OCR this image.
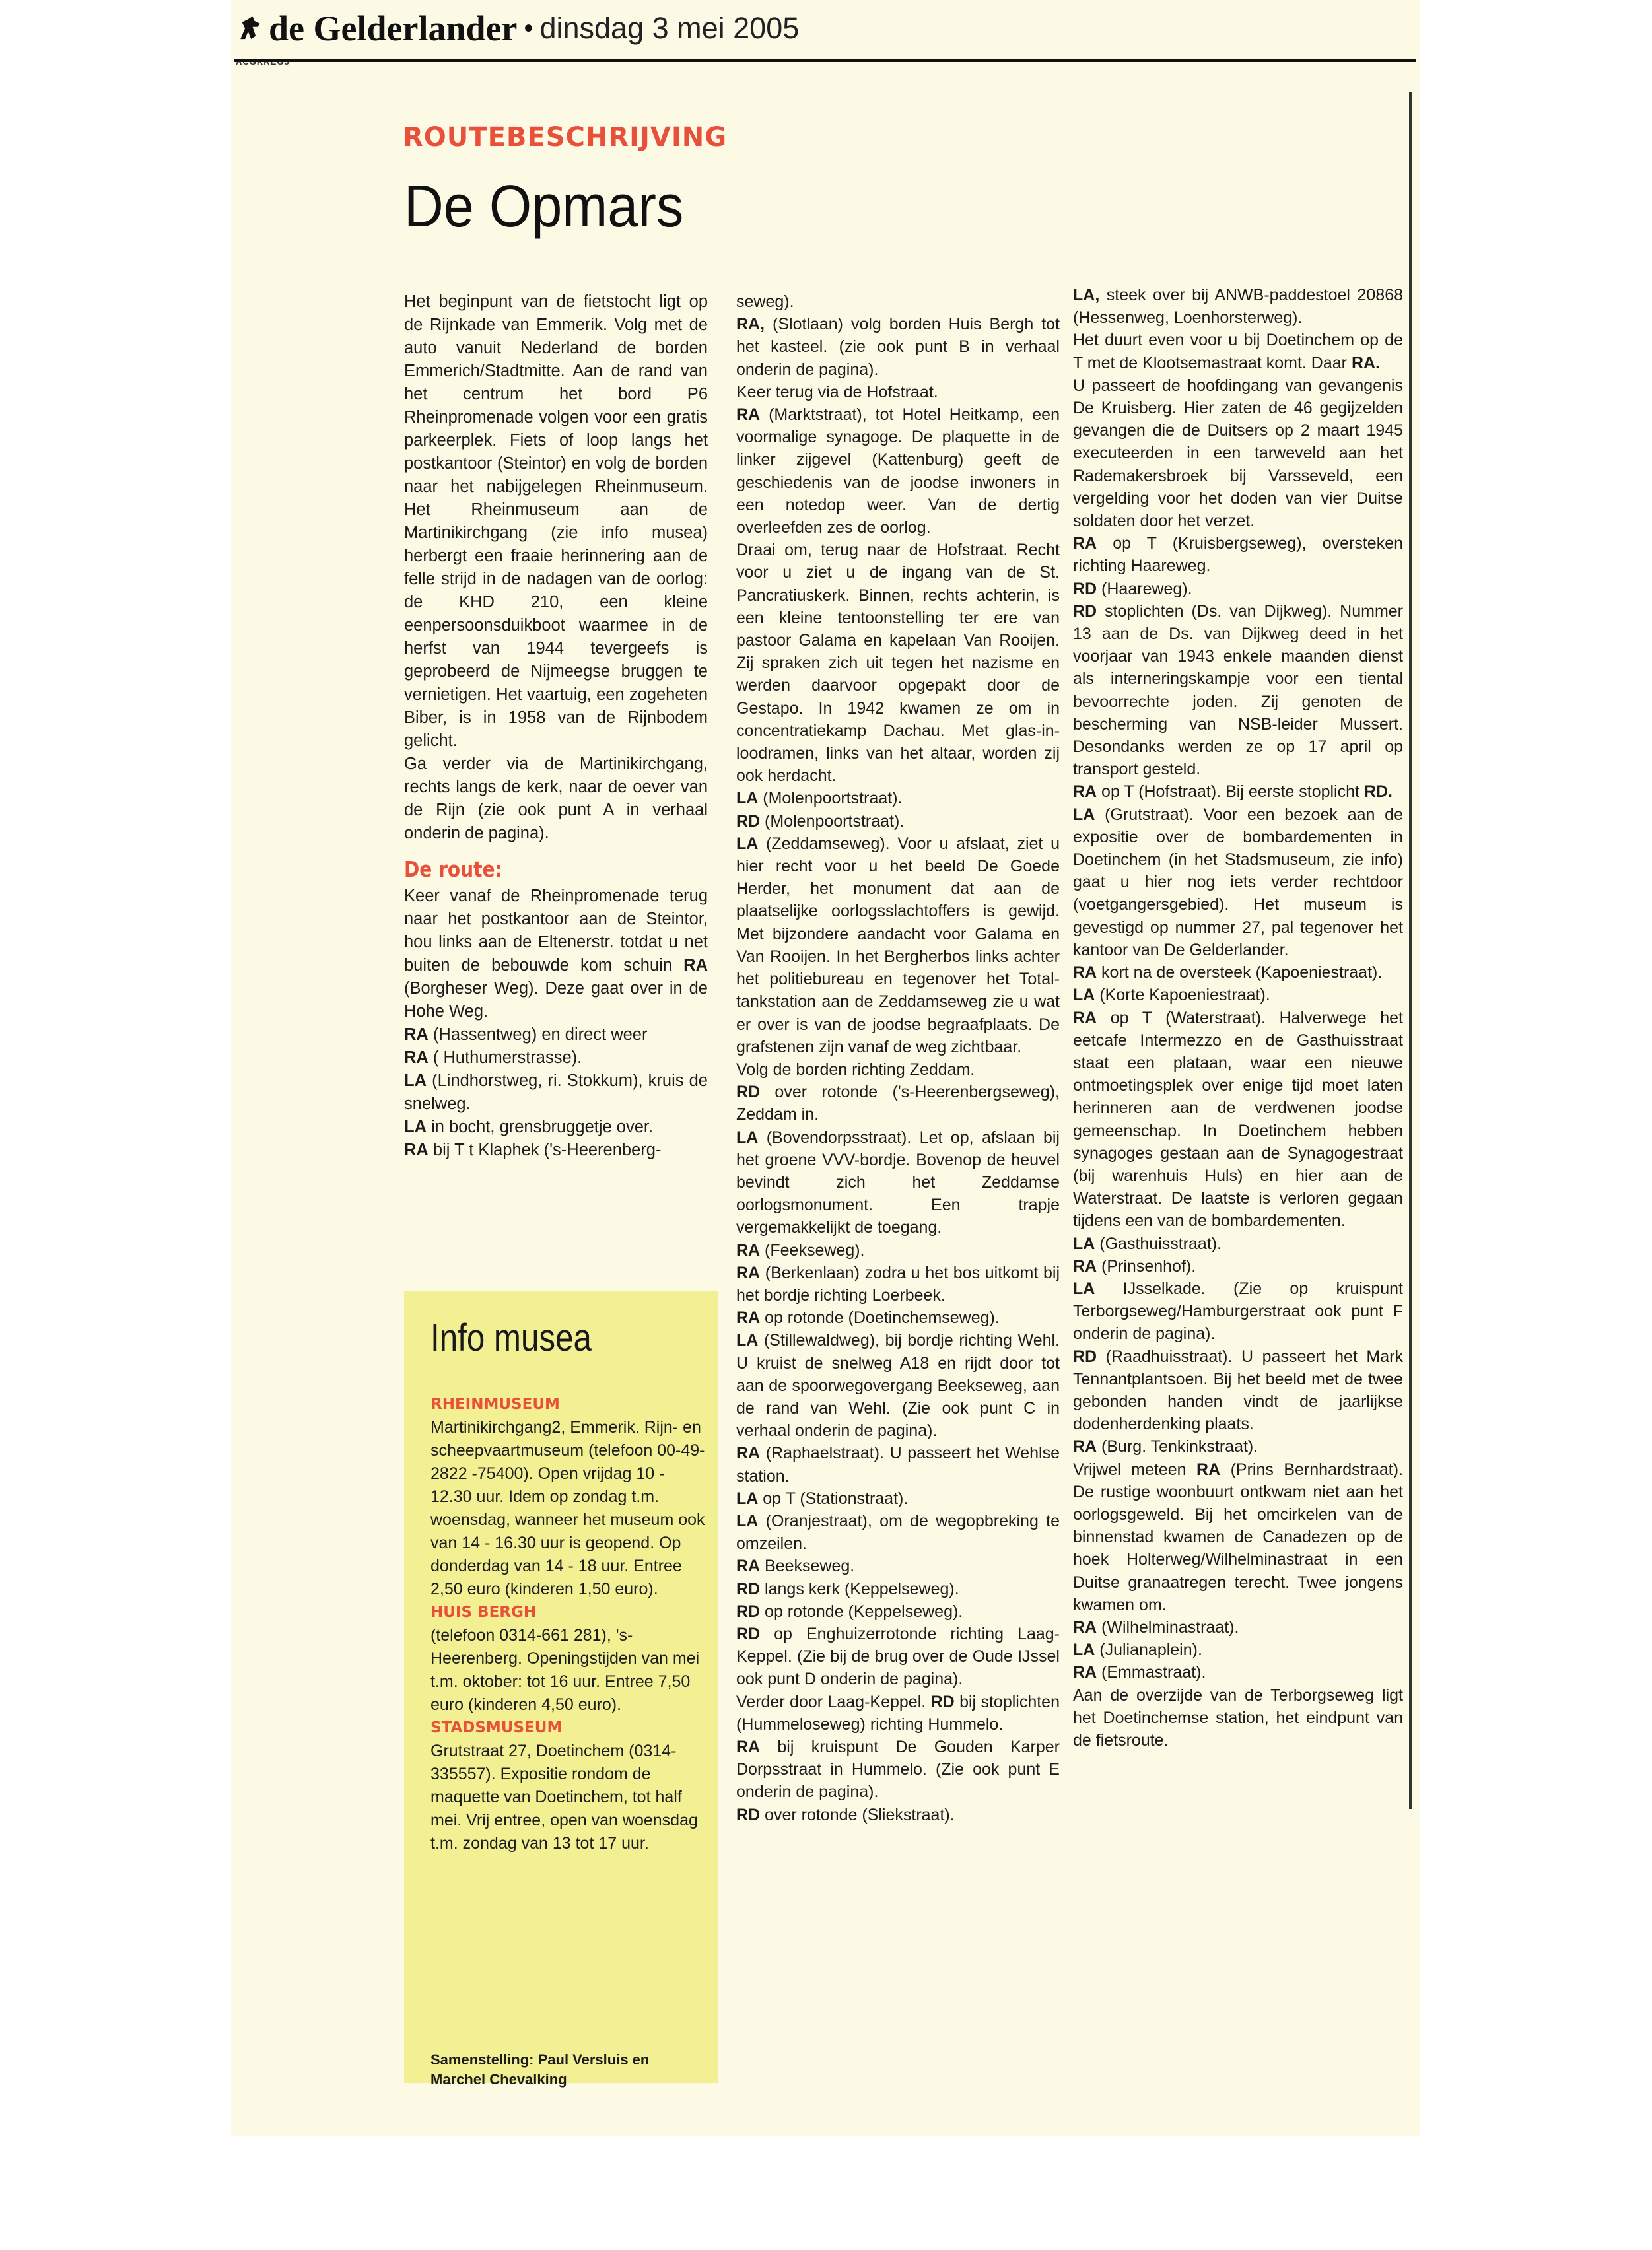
de Gelderlander • dinsdag 3 mei 2005
ROUTEBESCHRIJVING
De Opmars

Het beginpunt van de fietstocht ligt op de Rijnkade van Emmerik. Volg met de auto vanuit Nederland de borden Emmerich/Stadtmitte. Aan de rand van het centrum het bord P6 Rheinpromenade volgen voor een gratis parkeerplek. Fiets of loop langs het postkantoor (Steintor) en volg de borden naar het nabijgelegen Rheinmuseum. Het Rheinmuseum aan de Martinikirchgang (zie info musea) herbergt een fraaie herinnering aan de felle strijd in de nadagen van de oorlog: de KHD 210, een kleine eenpersoonsduikboot waarmee in de herfst van 1944 tevergeefs is geprobeerd de Nijmeegse bruggen te vernietigen. Het vaartuig, een zogeheten Biber, is in 1958 van de Rijnbodem gelicht.

Ga verder via de Martinikirchgang, rechts langs de kerk, naar de oever van de Rijn (zie ook punt A in verhaal onderin de pagina).

De route:

Keer vanaf de Rheinpromenade terug naar het postkantoor aan de Steintor, hou links aan de Eltenerstr. totdat u net buiten de bebouwde kom schuin RA (Borgheser Weg). Deze gaat over in de Hohe Weg.

RA (Hassentweg) en direct weer

RA ( Huthumerstrasse).

LA (Lindhorstweg, ri. Stokkum), kruis de snelweg.

LA in bocht, grensbruggetje over.

RA bij T t Klaphek ('s-Heerenberg-

seweg).

RA, (Slotlaan) volg borden Huis Bergh tot het kasteel. (zie ook punt B in verhaal onderin de pagina).

Keer terug via de Hofstraat.

RA (Marktstraat), tot Hotel Heitkamp, een voormalige synagoge. De plaquette in de linker zijgevel (Kattenburg) geeft de geschiedenis van de joodse inwoners in een notedop weer. Van de dertig overleefden zes de oorlog.

Draai om, terug naar de Hofstraat. Recht voor u ziet u de ingang van de St. Pancratiuskerk. Binnen, rechts achterin, is een kleine tentoonstelling ter ere van pastoor Galama en kapelaan Van Rooijen. Zij spraken zich uit tegen het nazisme en werden daarvoor opgepakt door de Gestapo. In 1942 kwamen ze om in concentratiekamp Dachau. Met glas-in-loodramen, links van het altaar, worden zij ook herdacht.

LA (Molenpoortstraat).

RD (Molenpoortstraat).

LA (Zeddamseweg). Voor u afslaat, ziet u hier recht voor u het beeld De Goede Herder, het monument dat aan de plaatselijke oorlogsslachtoffers is gewijd. Met bijzondere aandacht voor Galama en Van Rooijen. In het Bergherbos links achter het politiebureau en tegenover het Total-tankstation aan de Zeddamseweg zie u wat er over is van de joodse begraafplaats. De grafstenen zijn vanaf de weg zichtbaar.

Volg de borden richting Zeddam.

RD over rotonde ('s-Heerenbergseweg), Zeddam in.

LA (Bovendorpsstraat). Let op, afslaan bij het groene VVV-bordje. Bovenop de heuvel bevindt zich het Zeddamse oorlogsmonument. Een trapje vergemakkelijkt de toegang.

RA (Feekseweg).

RA (Berkenlaan) zodra u het bos uitkomt bij het bordje richting Loerbeek.

RA op rotonde (Doetinchemseweg).

LA (Stillewaldweg), bij bordje richting Wehl. U kruist de snelweg A18 en rijdt door tot aan de spoorwegovergang Beekseweg, aan de rand van Wehl. (Zie ook punt C in verhaal onderin de pagina).

RA (Raphaelstraat). U passeert het Wehlse station.

LA op T (Stationstraat).

LA (Oranjestraat), om de wegopbreking te omzeilen.

RA Beekseweg.

RD langs kerk (Keppelseweg).

RD op rotonde (Keppelseweg).

RD op Enghuizerrotonde richting Laag-Keppel. (Zie bij de brug over de Oude IJssel ook punt D onderin de pagina).

Verder door Laag-Keppel. RD bij stoplichten (Hummeloseweg) richting Hummelo.

RA bij kruispunt De Gouden Karper Dorpsstraat in Hummelo. (Zie ook punt E onderin de pagina).

RD over rotonde (Sliekstraat).

LA, steek over bij ANWB-paddestoel 20868 (Hessenweg, Loenhorsterweg).

Het duurt even voor u bij Doetinchem op de T met de Klootsemastraat komt. Daar RA.

U passeert de hoofdingang van gevangenis De Kruisberg. Hier zaten de 46 gegijzelden gevangen die de Duitsers op 2 maart 1945 executeerden in een tarweveld aan het Rademakersbroek bij Varsseveld, een vergelding voor het doden van vier Duitse soldaten door het verzet.

RA op T (Kruisbergseweg), oversteken richting Haareweg.

RD (Haareweg).

RD stoplichten (Ds. van Dijkweg). Nummer 13 aan de Ds. van Dijkweg deed in het voorjaar van 1943 enkele maanden dienst als interneringskampje voor een tiental bevoorrechte joden. Zij genoten de bescherming van NSB-leider Mussert. Desondanks werden ze op 17 april op transport gesteld.

RA op T (Hofstraat). Bij eerste stoplicht RD.

LA (Grutstraat). Voor een bezoek aan de expositie over de bombardementen in Doetinchem (in het Stadsmuseum, zie info) gaat u hier nog iets verder rechtdoor (voetgangersgebied). Het museum is gevestigd op nummer 27, pal tegenover het kantoor van De Gelderlander.

RA kort na de oversteek (Kapoeniestraat).

LA (Korte Kapoeniestraat).

RA op T (Waterstraat). Halverwege het eetcafe Intermezzo en de Gasthuisstraat staat een plataan, waar een nieuwe ontmoetingsplek over enige tijd moet laten herinneren aan de verdwenen joodse gemeenschap. In Doetinchem hebben synagoges gestaan aan de Synagogestraat (bij warenhuis Huls) en hier aan de Waterstraat. De laatste is verloren gegaan tijdens een van de bombardementen.

LA (Gasthuisstraat).

RA (Prinsenhof).

LA IJsselkade. (Zie op kruispunt Terborgseweg/Hamburgerstraat ook punt F onderin de pagina).

RD (Raadhuisstraat). U passeert het Mark Tennantplantsoen. Bij het beeld met de twee gebonden handen vindt de jaarlijkse dodenherdenking plaats.

RA (Burg. Tenkinkstraat).

Vrijwel meteen RA (Prins Bernhardstraat). De rustige woonbuurt ontkwam niet aan het oorlogsgeweld. Bij het omcirkelen van de binnenstad kwamen de Canadezen op de hoek Holterweg/Wilhelminastraat in een Duitse granaatregen terecht. Twee jongens kwamen om.

RA (Wilhelminastraat).

LA (Julianaplein).

RA (Emmastraat).

Aan de overzijde van de Terborgseweg ligt het Doetinchemse station, het eindpunt van de fietsroute.

Info musea
RHEINMUSEUM

Martinikirchgang2, Emmerik. Rijn- en scheepvaartmuseum (telefoon 00-49-2822 -75400). Open vrijdag 10 - 12.30 uur. Idem op zondag t.m. woensdag, wanneer het museum ook van 14 - 16.30 uur is geopend. Op donderdag van 14 - 18 uur. Entree 2,50 euro (kinderen 1,50 euro).

HUIS BERGH

(telefoon 0314-661 281), 's-Heerenberg. Openingstijden van mei t.m. oktober: tot 16 uur. Entree 7,50 euro (kinderen 4,50 euro).

STADSMUSEUM

Grutstraat 27, Doetinchem (0314-335557). Expositie rondom de maquette van Doetinchem, tot half mei. Vrij entree, open van woensdag t.m. zondag van 13 tot 17 uur.

Samenstelling: Paul Versluis en Marchel Chevalking
